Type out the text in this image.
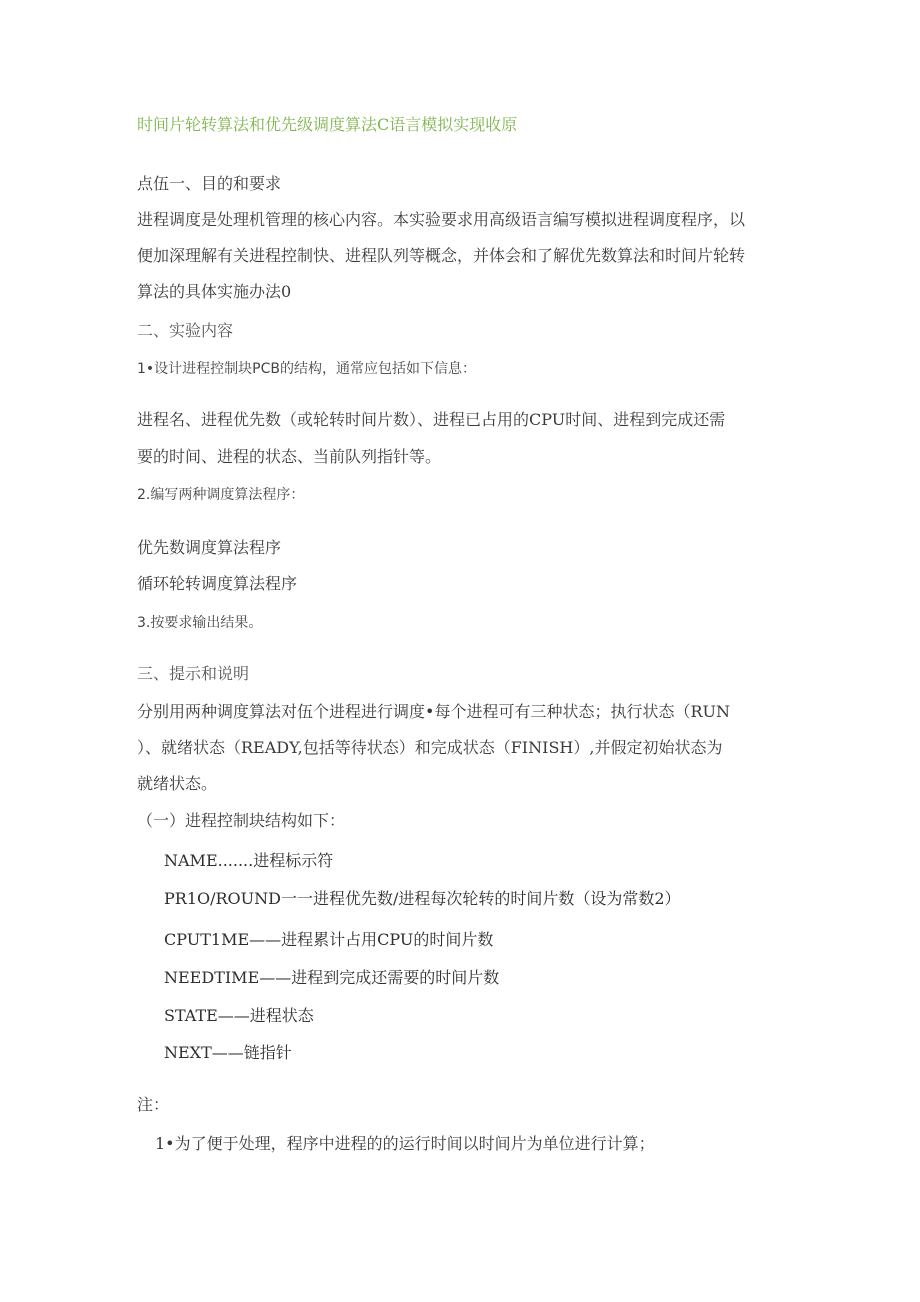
时间片轮转算法和优先级调度算法C语言模拟实现收原
点伍一、目的和要求
进程调度是处理机管理的核心内容。本实验要求用高级语言编写模拟进程调度程序，以
便加深理解有关进程控制快、进程队列等概念，并体会和了解优先数算法和时间片轮转
算法的具体实施办法0
二、实验内容
1•设计进程控制块PCB的结构，通常应包括如下信息：
进程名、进程优先数（或轮转时间片数）、进程已占用的CPU时间、进程到完成还需
要的时间、进程的状态、当前队列指针等。
2.编写两种调度算法程序：
优先数调度算法程序
循环轮转调度算法程序
3.按要求输出结果。
三、提示和说明
分别用两种调度算法对伍个进程进行调度•每个进程可有三种状态；执行状态（RUN
）、就绪状态（READY,包括等待状态）和完成状态（FINISH）,并假定初始状态为
就绪状态。
（一）进程控制块结构如下：
NAME.......进程标示符
PR1O/ROUND一一进程优先数/进程每次轮转的时间片数（设为常数2）
CPUT1ME——进程累计占用CPU的时间片数
NEEDTIME——进程到完成还需要的时间片数
STATE——进程状态
NEXT——链指针
注：
1•为了便于处理，程序中进程的的运行时间以时间片为单位进行计算；
